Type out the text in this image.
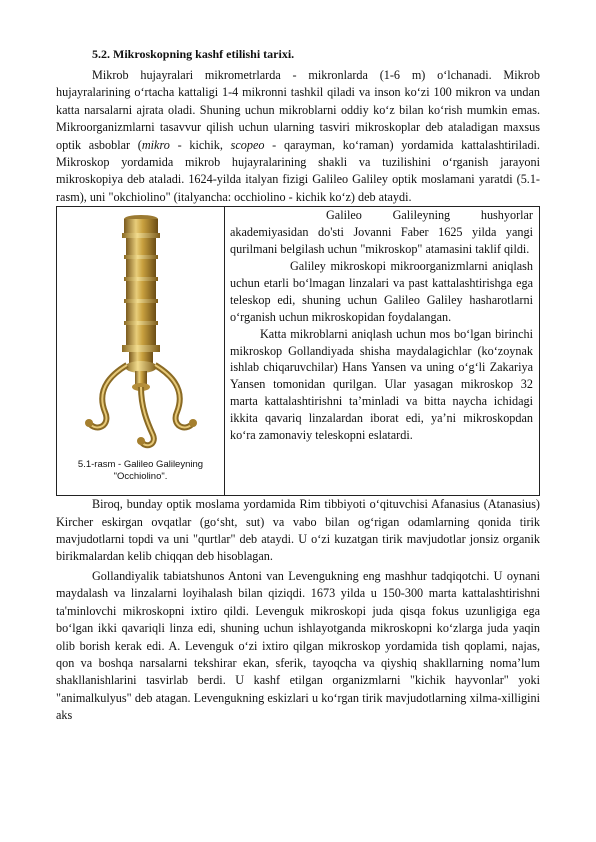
5.2. Mikroskopning kashf etilishi tarixi.

Mikrob hujayralari mikrometrlarda - mikronlarda (1-6 m) o‘lchanadi. Mikrob hujayralarining o‘rtacha kattaligi 1-4 mikronni tashkil qiladi va inson ko‘zi 100 mikron va undan katta narsalarni ajrata oladi. Shuning uchun mikroblarni oddiy ko‘z bilan ko‘rish mumkin emas. Mikroorganizmlarni tasavvur qilish uchun ularning tasviri mikroskoplar deb ataladigan maxsus optik asboblar (mikro - kichik, scopeo - qarayman, ko‘raman) yordamida kattalashtiriladi. Mikroskop yordamida mikrob hujayralarining shakli va tuzilishini o‘rganish jarayoni mikroskopiya deb ataladi. 1624-yilda italyan fizigi Galileo Galiley optik moslamani yaratdi (5.1-rasm), uni "okchiolino" (italyancha: occhiolino - kichik ko‘z) deb ataydi.

5.1-rasm - Galileo Galileyning "Occhiolino".

Galileo Galileyning hushyorlar akademiyasidan do'sti Jovanni Faber 1625 yilda yangi qurilmani belgilash uchun "mikroskop" atamasini taklif qildi.

Galiley mikroskopi mikroorganizmlarni aniqlash uchun etarli bo‘lmagan linzalari va past kattalashtirishga ega teleskop edi, shuning uchun Galileo Galiley hasharotlarni o‘rganish uchun mikroskopidan foydalangan.

Katta mikroblarni aniqlash uchun mos bo‘lgan birinchi mikroskop Gollandiyada shisha maydalagichlar (ko‘zoynak ishlab chiqaruvchilar) Hans Yansen va uning o‘g‘li Zakariya Yansen tomonidan qurilgan. Ular yasagan mikroskop 32 marta kattalashtirishni ta’minladi va bitta naycha ichidagi ikkita qavariq linzalardan iborat edi, ya’ni mikroskopdan ko‘ra zamonaviy teleskopni eslatardi.

Biroq, bunday optik moslama yordamida Rim tibbiyoti o‘qituvchisi Afanasius (Atanasius) Kircher eskirgan ovqatlar (go‘sht, sut) va vabo bilan og‘rigan odamlarning qonida tirik mavjudotlarni topdi va uni "qurtlar" deb ataydi. U o‘zi kuzatgan tirik mavjudotlar jonsiz organik birikmalardan kelib chiqqan deb hisoblagan.

Gollandiyalik tabiatshunos Antoni van Levengukning eng mashhur tadqiqotchi. U oynani maydalash va linzalarni loyihalash bilan qiziqdi. 1673 yilda u 150-300 marta kattalashtirishni ta'minlovchi mikroskopni ixtiro qildi. Levenguk mikroskopi juda qisqa fokus uzunligiga ega bo‘lgan ikki qavariqli linza edi, shuning uchun ishlayotganda mikroskopni ko‘zlarga juda yaqin olib borish kerak edi. A. Levenguk o‘zi ixtiro qilgan mikroskop yordamida tish qoplami, najas, qon va boshqa narsalarni tekshirar ekan, sferik, tayoqcha va qiyshiq shakllarning noma’lum shakllanishlarini tasvirlab berdi. U kashf etilgan organizmlarni "kichik hayvonlar" yoki "animalkulyus" deb atagan. Levengukning eskizlari u ko‘rgan tirik mavjudotlarning xilma-xilligini aks
